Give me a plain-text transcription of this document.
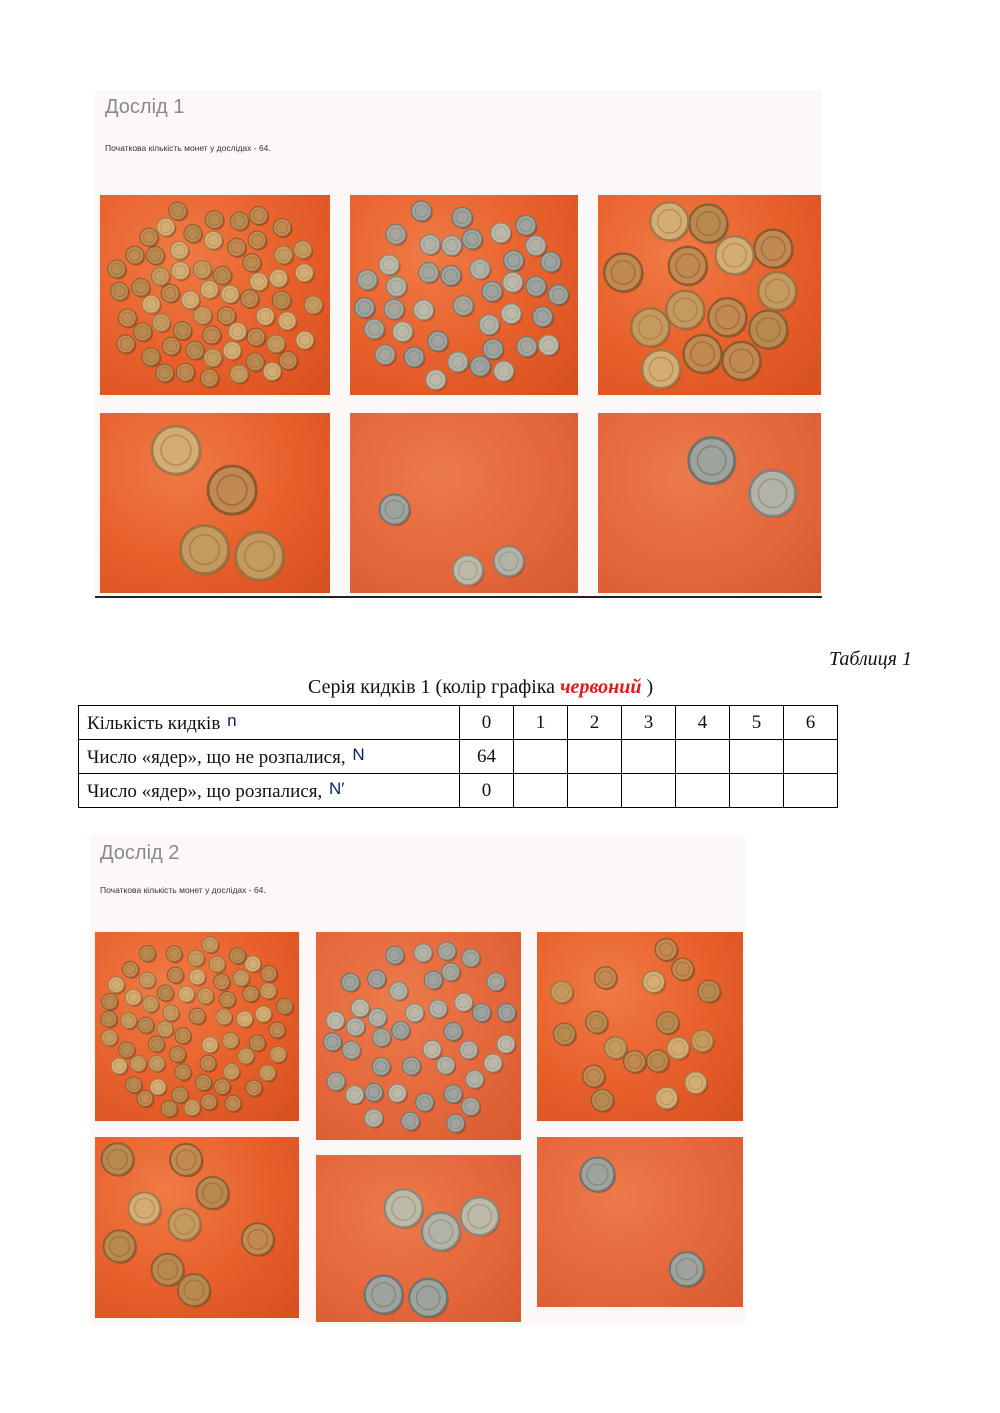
Дослід 1
Початкова кількість монет у дослідах - 64.
Таблиця 1
Серія кидків 1 (колір графіка червоний )
Кількість кидків n	0	1	2	3	4	5	6
Число «ядер», що не розпалися, N	64						
Число «ядер», що розпалися, N′	0						
Дослід 2
Початкова кількість монет у дослідах - 64.
